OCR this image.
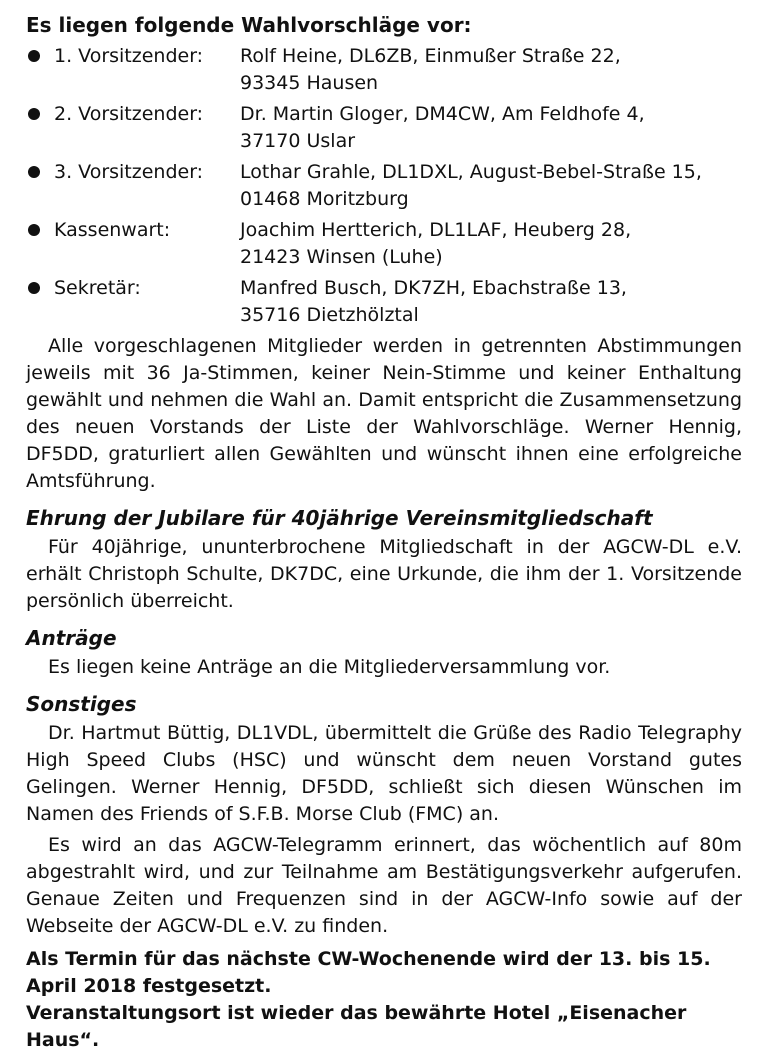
Es liegen folgende Wahlvorschläge vor:
1. Vorsitzender:	Rolf Heine, DL6ZB, Einmußer Straße 22,
93345 Hausen
2. Vorsitzender:	Dr. Martin Gloger, DM4CW, Am Feldhofe 4,
37170 Uslar
3. Vorsitzender:	Lothar Grahle, DL1DXL, August-Bebel-Straße 15,
01468 Moritzburg
Kassenwart:	Joachim Hertterich, DL1LAF, Heuberg 28,
21423 Winsen (Luhe)
Sekretär:	Manfred Busch, DK7ZH, Ebachstraße 13,
35716 Dietzhölztal

Alle vorgeschlagenen Mitglieder werden in getrennten Abstimmungen jeweils mit 36 Ja-Stimmen, keiner Nein-Stimme und keiner Enthaltung gewählt und nehmen die Wahl an. Damit entspricht die Zusammensetzung des neuen Vorstands der Liste der Wahlvorschläge. Werner Hennig, DF5DD, graturliert allen Gewählten und wünscht ihnen eine erfolgreiche Amtsführung.

Ehrung der Jubilare für 40jährige Vereinsmitgliedschaft

Für 40jährige, ununterbrochene Mitgliedschaft in der AGCW-DL e.V. erhält Christoph Schulte, DK7DC, eine Urkunde, die ihm der 1. Vorsitzende persönlich überreicht.

Anträge

Es liegen keine Anträge an die Mitgliederversammlung vor.

Sonstiges

Dr. Hartmut Büttig, DL1VDL, übermittelt die Grüße des Radio Telegraphy High Speed Clubs (HSC) und wünscht dem neuen Vorstand gutes Gelingen. Werner Hennig, DF5DD, schließt sich diesen Wünschen im Namen des Friends of S.F.B. Morse Club (FMC) an.

Es wird an das AGCW-Telegramm erinnert, das wöchentlich auf 80m abgestrahlt wird, und zur Teilnahme am Bestätigungsverkehr aufgerufen. Genaue Zeiten und Frequenzen sind in der AGCW-Info sowie auf der Webseite der AGCW-DL e.V. zu finden.

Als Termin für das nächste CW-Wochenende wird der 13. bis 15. April 2018 festgesetzt.

Veranstaltungsort ist wieder das bewährte Hotel „Eisenacher Haus“.
